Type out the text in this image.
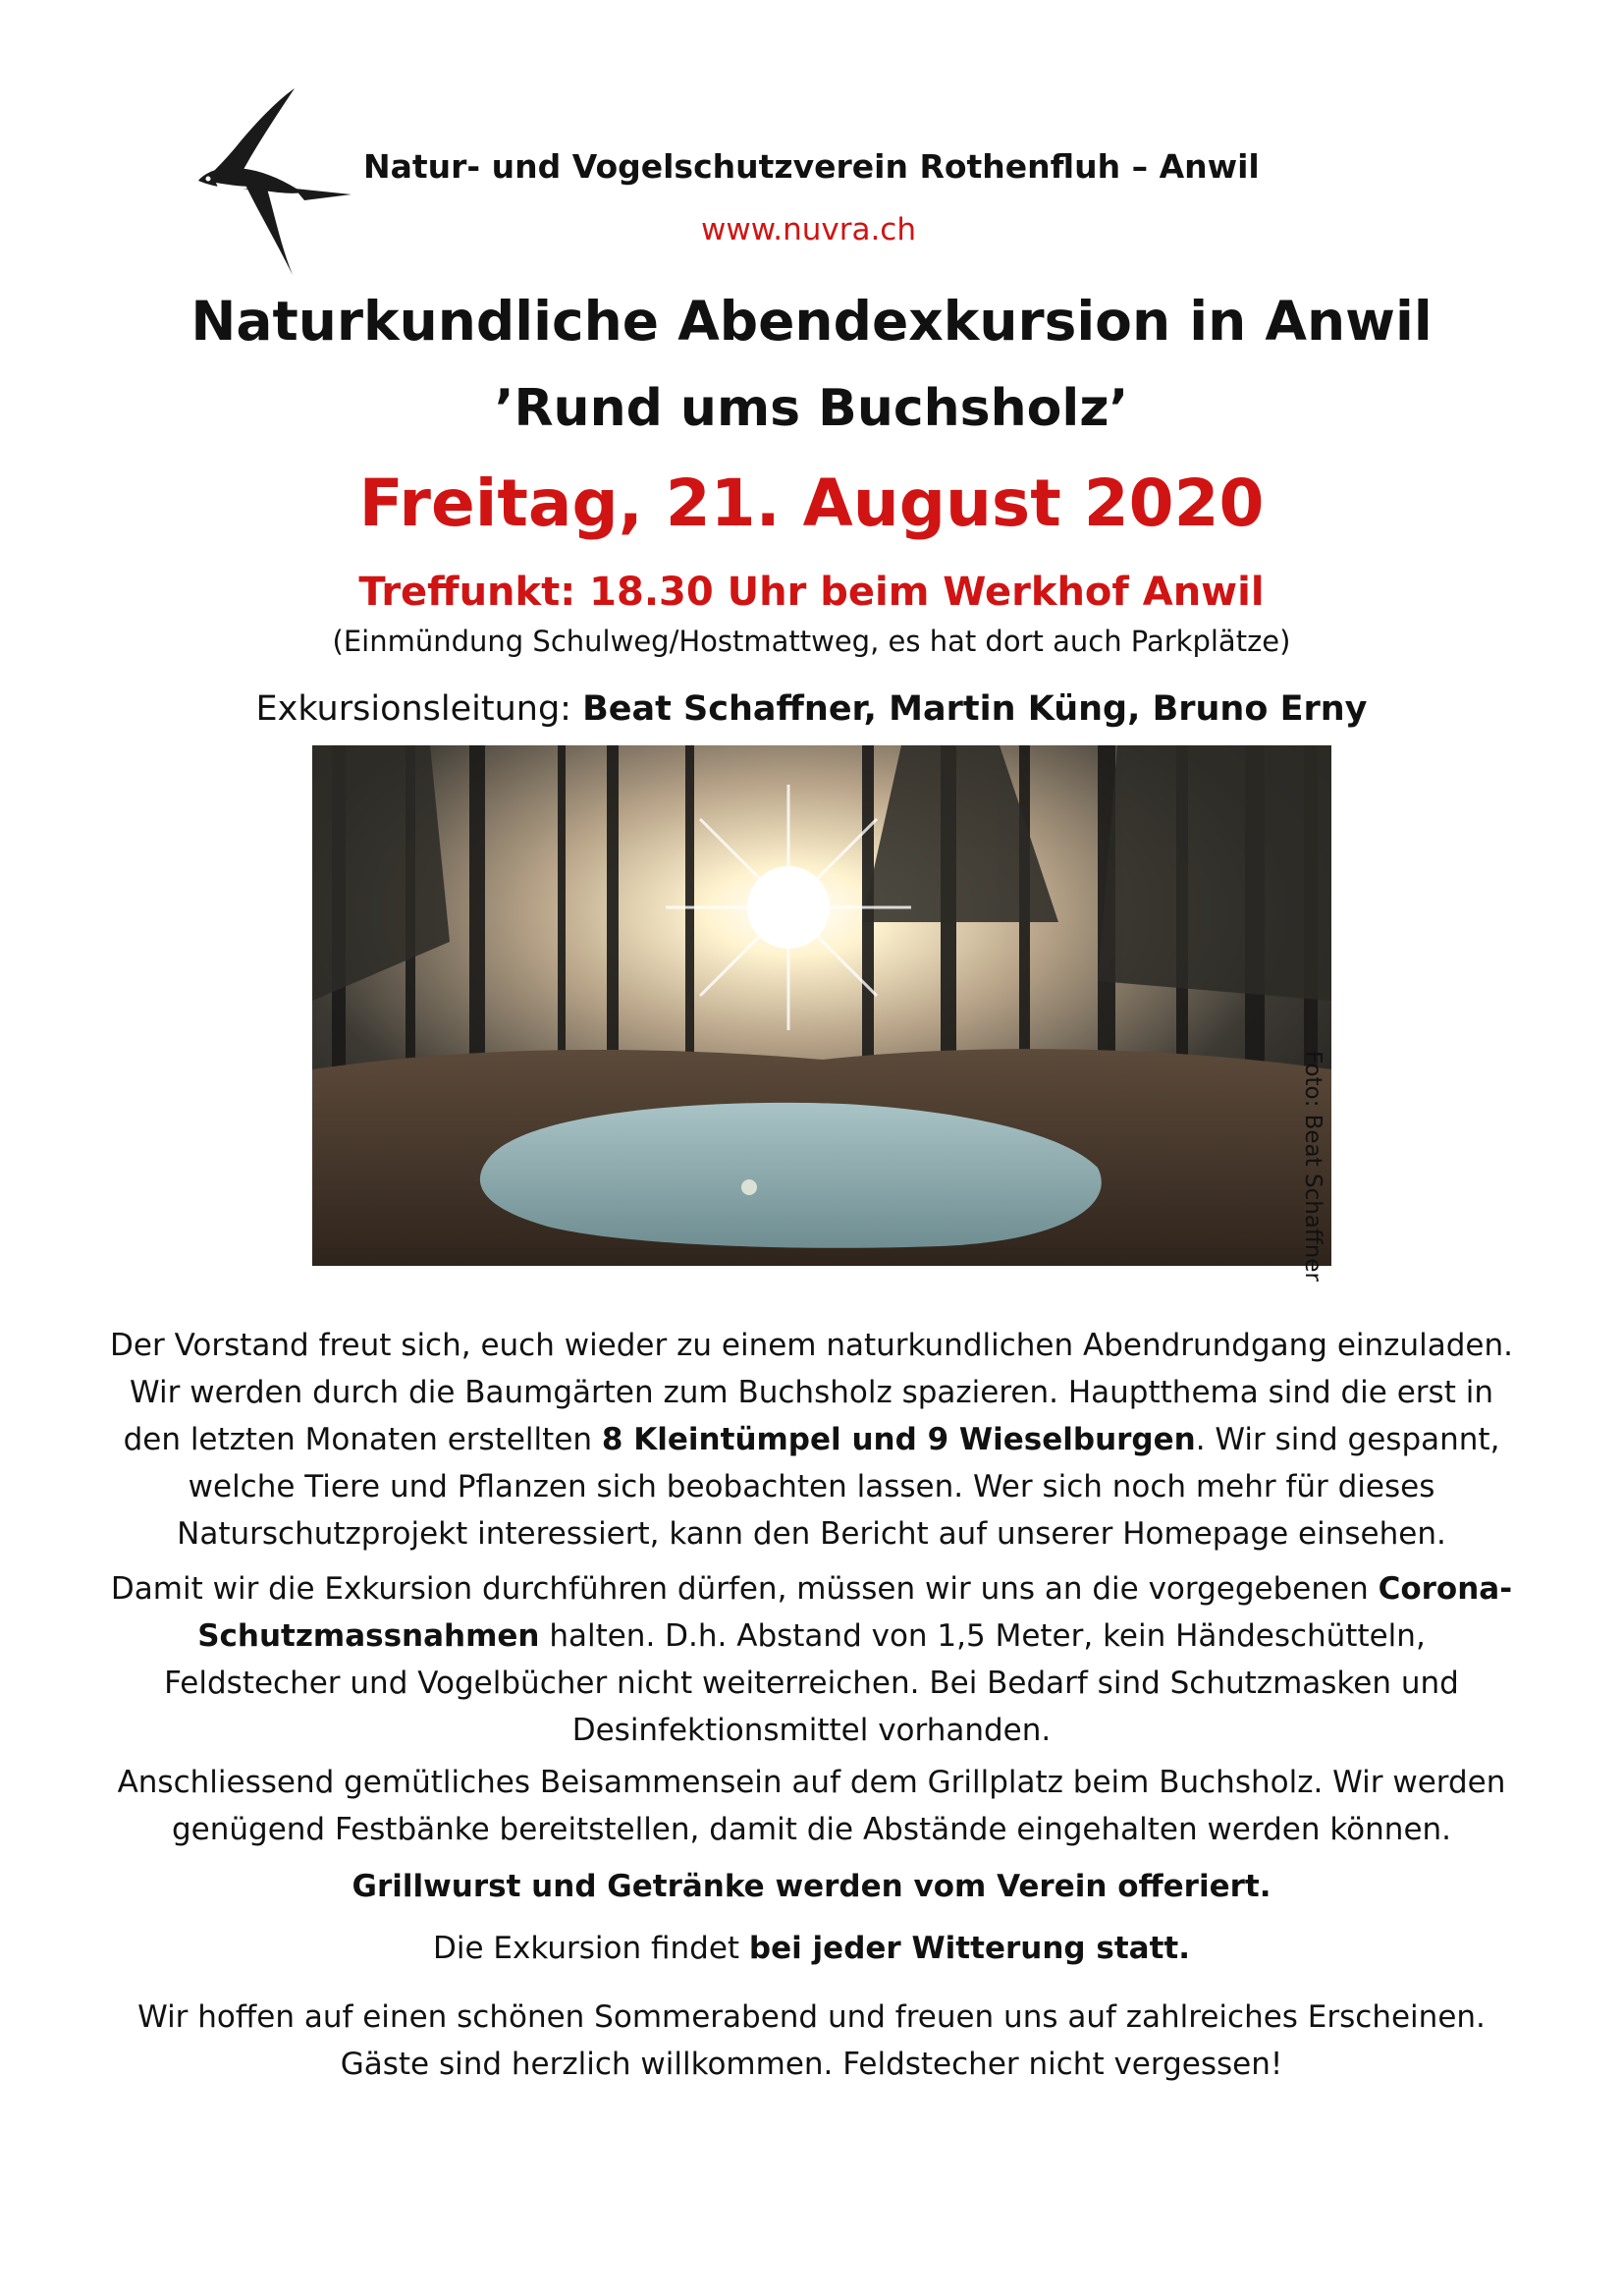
Natur- und Vogelschutzverein Rothenfluh – Anwil
www.nuvra.ch
Naturkundliche Abendexkursion in Anwil
’Rund ums Buchsholz’
Freitag, 21. August 2020
Treffunkt: 18.30 Uhr beim Werkhof Anwil
(Einmündung Schulweg/Hostmattweg, es hat dort auch Parkplätze)
Exkursionsleitung: Beat Schaffner, Martin Küng, Bruno Erny
Foto: Beat Schaffner
Der Vorstand freut sich, euch wieder zu einem naturkundlichen Abendrundgang einzuladen. Wir werden durch die Baumgärten zum Buchsholz spazieren. Hauptthema sind die erst in den letzten Monaten erstellten 8 Kleintümpel und 9 Wieselburgen. Wir sind gespannt, welche Tiere und Pflanzen sich beobachten lassen. Wer sich noch mehr für dieses Naturschutzprojekt interessiert, kann den Bericht auf unserer Homepage einsehen.
Damit wir die Exkursion durchführen dürfen, müssen wir uns an die vorgegebenen Corona-Schutzmassnahmen halten. D.h. Abstand von 1,5 Meter, kein Händeschütteln, Feldstecher und Vogelbücher nicht weiterreichen. Bei Bedarf sind Schutzmasken und Desinfektionsmittel vorhanden.
Anschliessend gemütliches Beisammensein auf dem Grillplatz beim Buchsholz. Wir werden genügend Festbänke bereitstellen, damit die Abstände eingehalten werden können.
Grillwurst und Getränke werden vom Verein offeriert.
Die Exkursion findet bei jeder Witterung statt.
Wir hoffen auf einen schönen Sommerabend und freuen uns auf zahlreiches Erscheinen.
Gäste sind herzlich willkommen. Feldstecher nicht vergessen!
